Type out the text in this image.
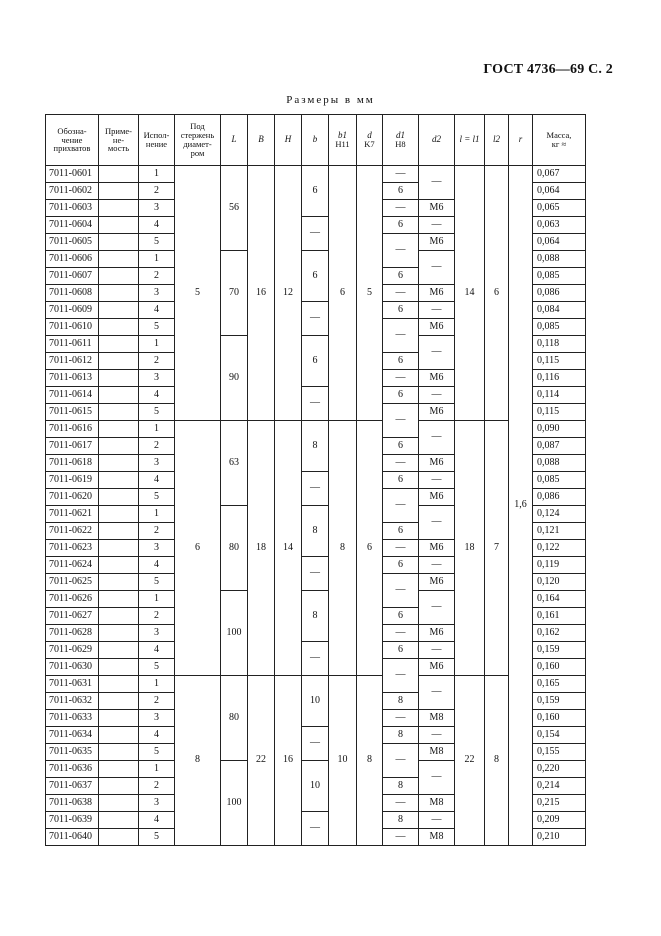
ГОСТ 4736—69 С. 2
Размеры в мм
Обозна-
чение
прихватов	Приме-
не-
мость	Испол-
нение	Под
стержень
диамет-
ром	L	B	H	b	b1
H11	d
K7	d1
H8	d2	l = l1	l2	r	Масса,
кг ≈
7011-0601		1	5	56	16	12	6	6	5	—	—	14	6	1,6	0,067
7011-0602		2								6					0,064
7011-0603		3								—	М6				0,065
7011-0604		4					—			6	—				0,063
7011-0605		5								—	М6				0,064
7011-0606		1		70			6				—				0,088
7011-0607		2								6					0,085
7011-0608		3								—	М6				0,086
7011-0609		4					—			6	—				0,084
7011-0610		5								—	М6				0,085
7011-0611		1		90			6				—				0,118
7011-0612		2								6					0,115
7011-0613		3								—	М6				0,116
7011-0614		4					—			6	—				0,114
7011-0615		5								—	М6				0,115
7011-0616		1	6	63	18	14	8	8	6		—	18	7		0,090
7011-0617		2								6					0,087
7011-0618		3								—	М6				0,088
7011-0619		4					—			6	—				0,085
7011-0620		5								—	М6				0,086
7011-0621		1		80			8				—				0,124
7011-0622		2								6					0,121
7011-0623		3								—	М6				0,122
7011-0624		4					—			6	—				0,119
7011-0625		5								—	М6				0,120
7011-0626		1		100			8				—				0,164
7011-0627		2								6					0,161
7011-0628		3								—	М6				0,162
7011-0629		4					—			6	—				0,159
7011-0630		5								—	М6				0,160
7011-0631		1	8	80	22	16	10	10	8		—	22	8		0,165
7011-0632		2								8					0,159
7011-0633		3								—	М8				0,160
7011-0634		4					—			8	—				0,154
7011-0635		5								—	М8				0,155
7011-0636		1		100			10				—				0,220
7011-0637		2								8					0,214
7011-0638		3								—	М8				0,215
7011-0639		4					—			8	—				0,209
7011-0640		5								—	М8				0,210
